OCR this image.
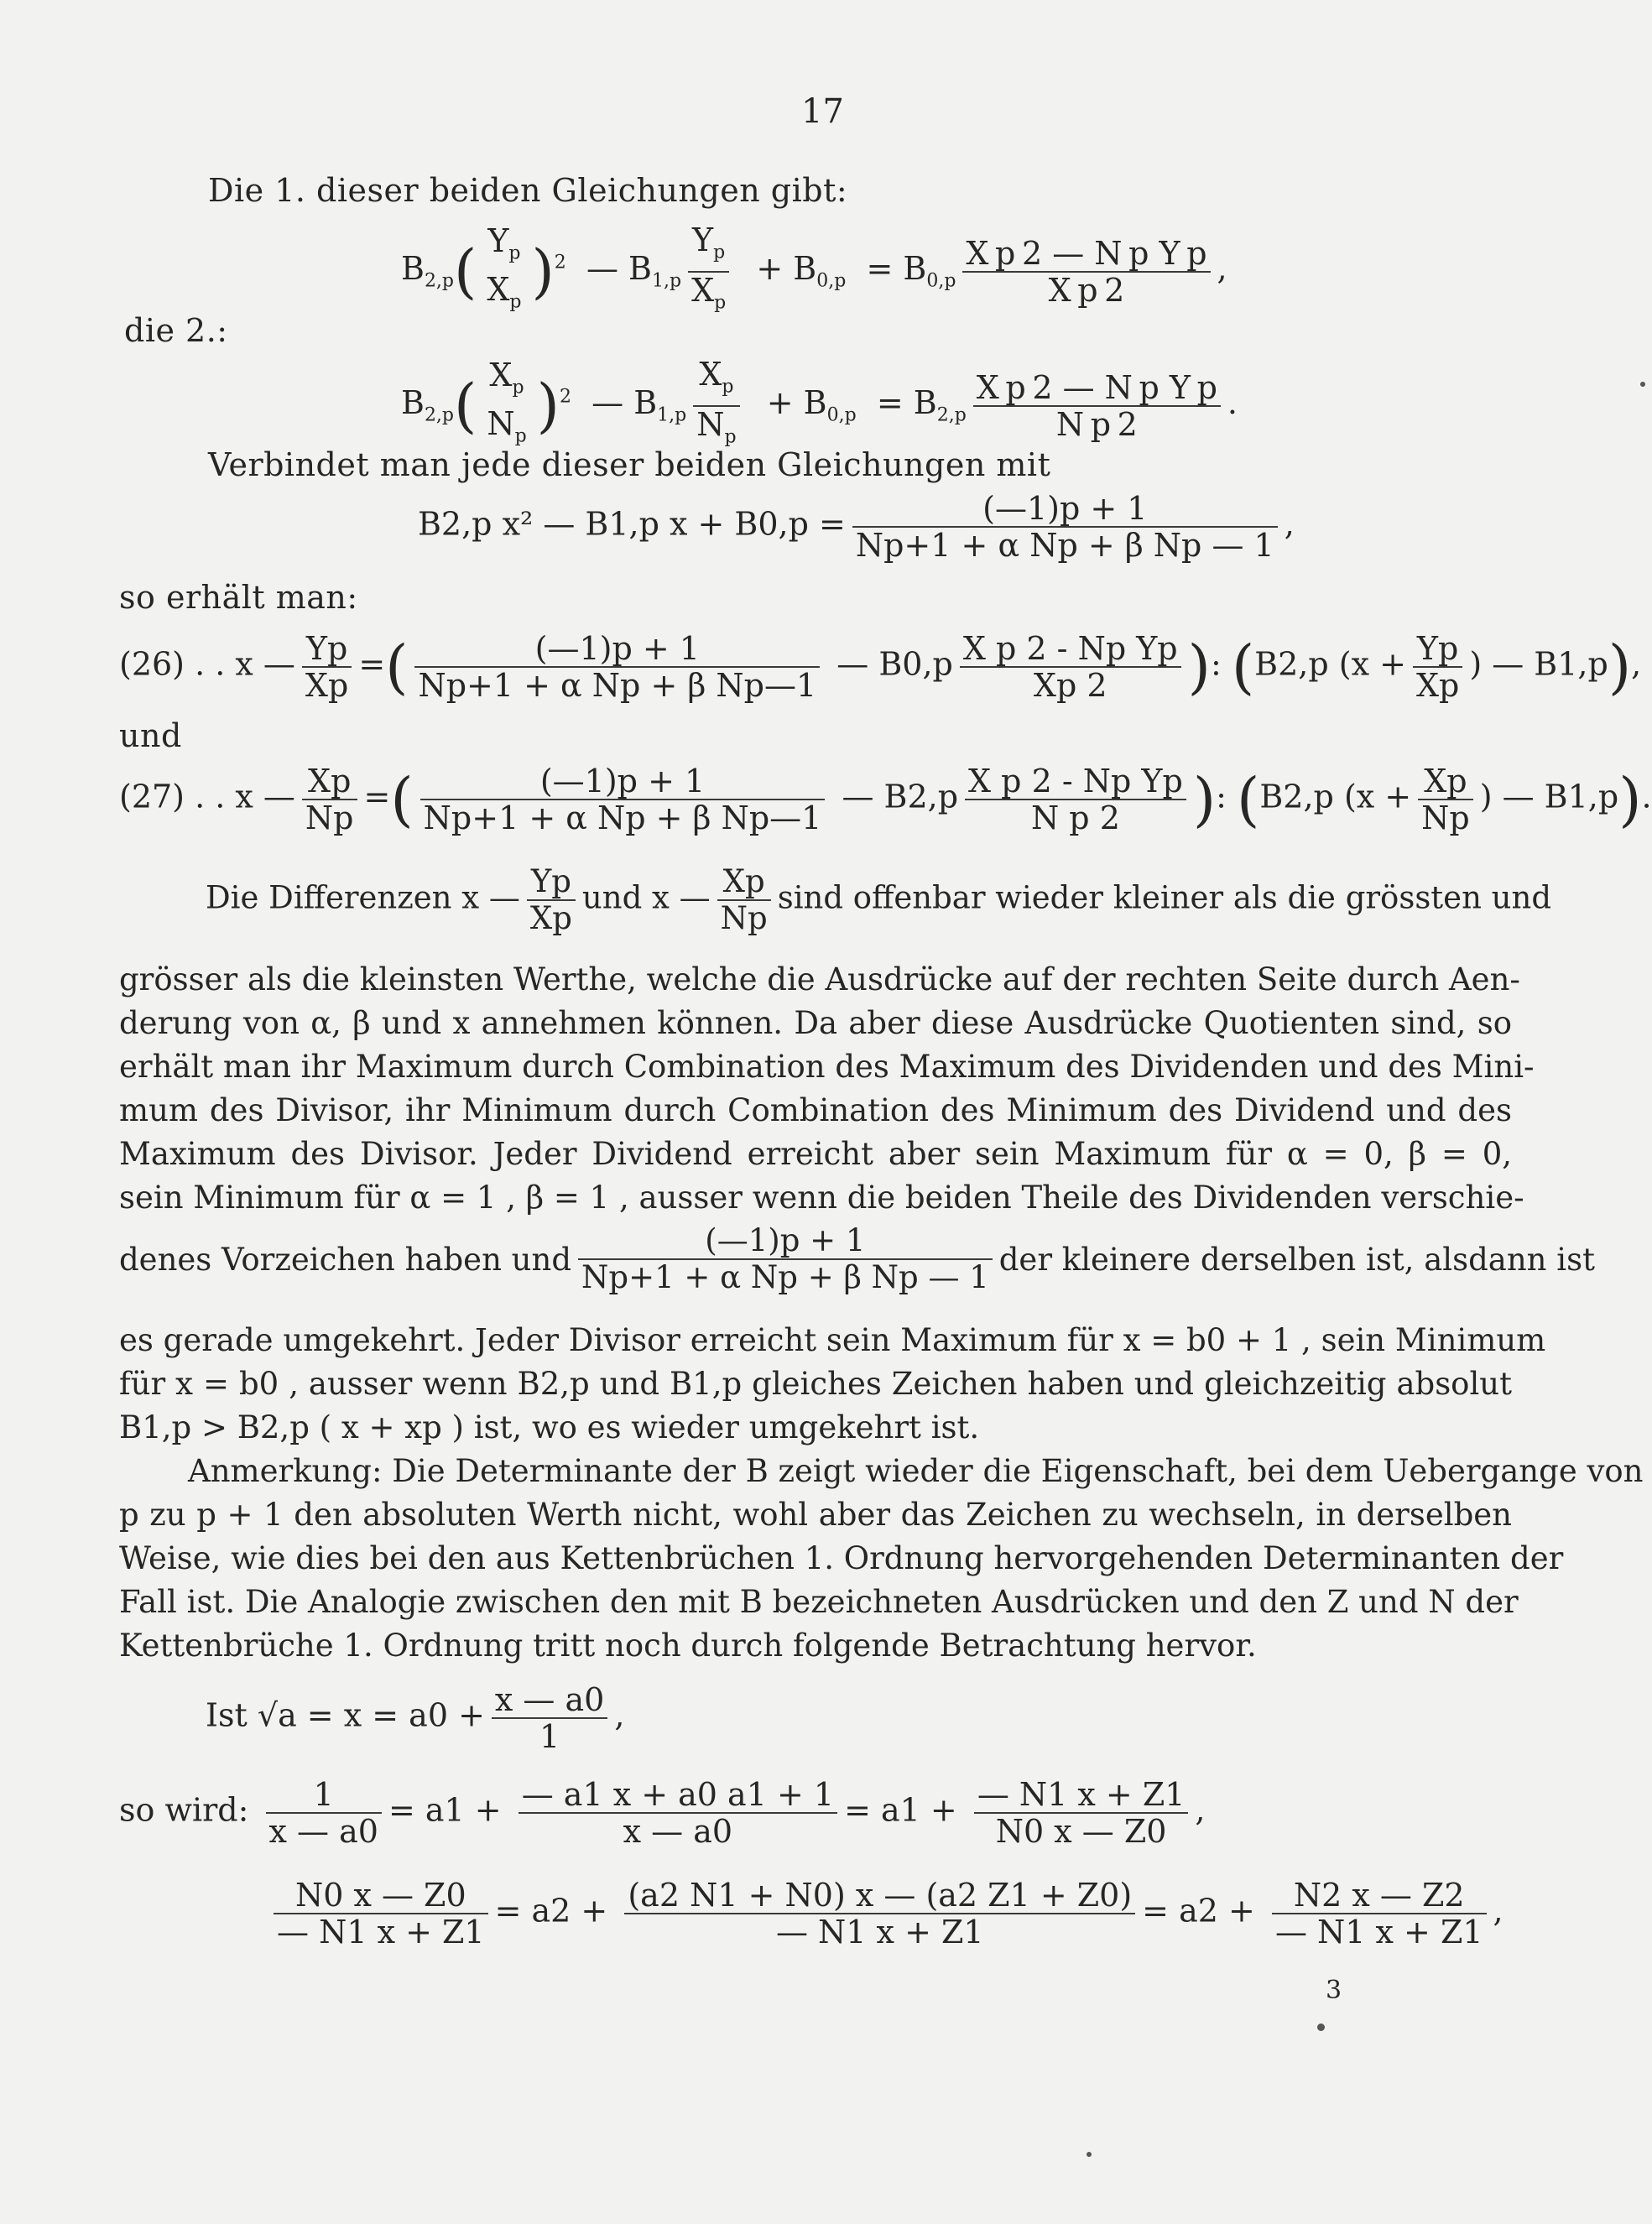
17
Die 1. dieser beiden Gleichungen gibt:
$B_{2,p}$( $Y_p$
$X_p$ )$^2$ — $B_{1,p} \frac{Y_p}{X_p} + B_{0,p} = B_{0,p} \frac{\text{X p 2 — N p Y p}}{\text{X p 2}}$ ,
die 2.:
$B_{2,p}$( $X_p$
$N_p$ )$^2$ — $B_{1,p} \frac{X_p}{N_p} + B_{0,p} = B_{2,p} \frac{\text{X p 2 — N p Y p}}{\text{N p 2}}$ .
Verbindet man jede dieser beiden Gleichungen mit
B2,p x² — B1,p $x + B0,p = \frac{(—1)p + 1}{\text{Np+1 + α Np + β Np — 1}}$ ,
so erhält man:
(26) . . x — $\frac{Yp}{Xp}$ =( $\frac{(—1)p + 1}{\text{Np+1 + α Np + β Np—1}}$ — $B0,p \frac{\text{X p 2 - Np Yp}}{Xp 2}$ ): (B2,p ($x + \frac{Yp}{Xp}$ ) — B1,p),
und
(27) . . x — $\frac{Xp}{Np}$ =( $\frac{(—1)p + 1}{\text{Np+1 + α Np + β Np—1}}$ — $B2,p \frac{\text{X p 2 - Np Yp}}{\text{N p 2}}$ ): (B2,p ($x + \frac{Xp}{Np}$ ) — B1,p).
Die Differenzen x — $\frac{Yp}{Xp}$ und x — $\frac{Xp}{Np}$ sind offenbar wieder kleiner als die grössten und
grösser als die kleinsten Werthe, welche die Ausdrücke auf der rechten Seite durch Aen-
derung von α, β und x annehmen können. Da aber diese Ausdrücke Quotienten sind, so
erhält man ihr Maximum durch Combination des Maximum des Dividenden und des Mini-
mum des Divisor, ihr Minimum durch Combination des Minimum des Dividend und des
Maximum des Divisor. Jeder Dividend erreicht aber sein Maximum für α = 0, β = 0,
sein Minimum für α = 1 , β = 1 , ausser wenn die beiden Theile des Dividenden verschie-
denes Vorzeichen haben und
(—1)p + 1
Np+1 + α Np + β Np — 1 der kleinere derselben ist, alsdann ist
es gerade umgekehrt. Jeder Divisor erreicht sein Maximum für x = b0 + 1 , sein Minimum
für x = b0 , ausser wenn B2,p und B1,p gleiches Zeichen haben und gleichzeitig absolut
B1,p > B2,p ( x + xp ) ist, wo es wieder umgekehrt ist.
Anmerkung: Die Determinante der B zeigt wieder die Eigenschaft, bei dem Uebergange von
p zu p + 1 den absoluten Werth nicht, wohl aber das Zeichen zu wechseln, in derselben
Weise, wie dies bei den aus Kettenbrüchen 1. Ordnung hervorgehenden Determinanten der
Fall ist. Die Analogie zwischen den mit B bezeichneten Ausdrücken und den Z und N der
Kettenbrüche 1. Ordnung tritt noch durch folgende Betrachtung hervor.
Ist $√a = x = a0 + \frac{x — a0}{1}$ ,
so wird: $\frac{1}{x — a0} = a1 + \frac{— a1 x + a0 a1 + 1}{x — a0} = a1 + \frac{— N1 x + Z1}{N0 x — Z0}$ ,
$\frac{N0 x — Z0}{— N1 x + Z1} = a2 + \frac{(a2 N1 + N0) x — (a2 Z1 + Z0)}{— N1 x + Z1} = a2 + \frac{N2 x — Z2}{— N1 x + Z1}$ ,
3
